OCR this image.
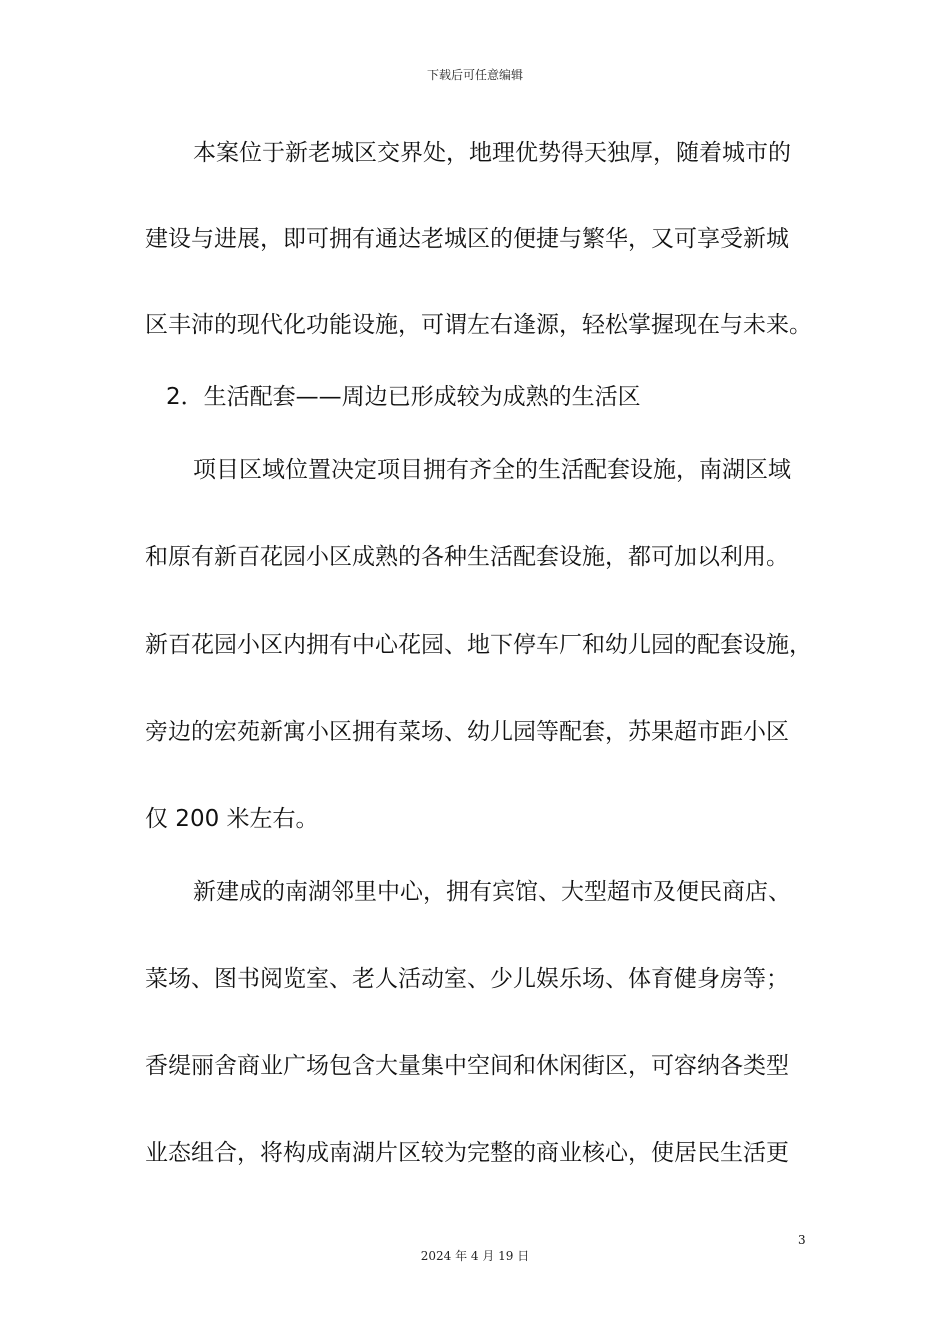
下载后可任意编辑
本案位于新老城区交界处，地理优势得天独厚，随着城市的
建设与进展，即可拥有通达老城区的便捷与繁华，又可享受新城
区丰沛的现代化功能设施，可谓左右逢源，轻松掌握现在与未来。
2．生活配套——周边已形成较为成熟的生活区
项目区域位置决定项目拥有齐全的生活配套设施，南湖区域
和原有新百花园小区成熟的各种生活配套设施，都可加以利用。
新百花园小区内拥有中心花园、地下停车厂和幼儿园的配套设施，
旁边的宏苑新寓小区拥有菜场、幼儿园等配套，苏果超市距小区
仅 200 米左右。
新建成的南湖邻里中心，拥有宾馆、大型超市及便民商店、
菜场、图书阅览室、老人活动室、少儿娱乐场、体育健身房等；
香缇丽舍商业广场包含大量集中空间和休闲街区，可容纳各类型
业态组合，将构成南湖片区较为完整的商业核心，使居民生活更
3
2024 年 4 月 19 日
